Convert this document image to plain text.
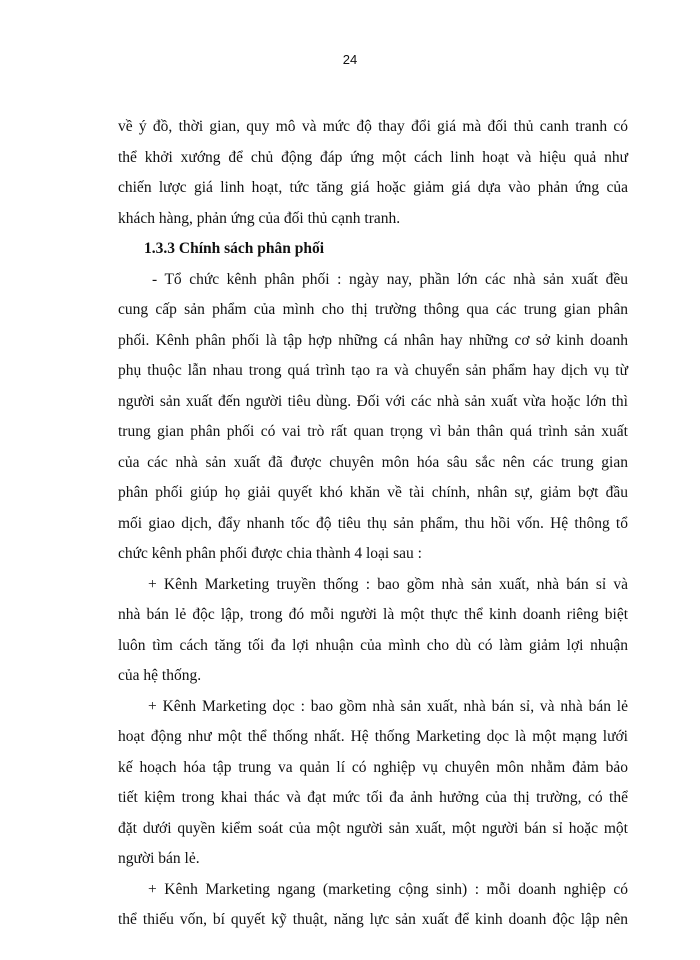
24
về ý đồ, thời gian, quy mô và mức độ thay đổi giá mà đối thủ canh tranh có
thể khởi xướng để chủ động đáp ứng một cách linh hoạt và hiệu quả như
chiến lược giá linh hoạt, tức tăng giá hoặc giảm giá dựa vào phản ứng của
khách hàng, phản ứng của đối thủ cạnh tranh.
1.3.3 Chính sách phân phối
- Tổ chức kênh phân phối : ngày nay, phần lớn các nhà sản xuất đều
cung cấp sản phẩm của mình cho thị trường thông qua các trung gian phân
phối. Kênh phân phối là tập hợp những cá nhân hay những cơ sở kinh doanh
phụ thuộc lẫn nhau trong quá trình tạo ra và chuyển sản phẩm hay dịch vụ từ
người sản xuất đến người tiêu dùng. Đối với các nhà sản xuất vừa hoặc lớn thì
trung gian phân phối có vai trò rất quan trọng vì bản thân quá trình sản xuất
của các nhà sản xuất đã được chuyên môn hóa sâu sắc nên các trung gian
phân phối giúp họ giải quyết khó khăn về tài chính, nhân sự, giảm bợt đầu
mối giao dịch, đẩy nhanh tốc độ tiêu thụ sản phẩm, thu hồi vốn. Hệ thông tổ
chức kênh phân phối được chia thành 4 loại sau :
+ Kênh Marketing truyền thống : bao gồm nhà sản xuất, nhà bán sỉ và
nhà bán lẻ độc lập, trong đó mỗi người là một thực thể kinh doanh riêng biệt
luôn tìm cách tăng tối đa lợi nhuận của mình cho dù có làm giảm lợi nhuận
của hệ thống.
+ Kênh Marketing dọc : bao gồm nhà sản xuất, nhà bán sỉ, và nhà bán lẻ
hoạt động như một thể thống nhất. Hệ thống Marketing dọc là một mạng lưới
kế hoạch hóa tập trung va quản lí có nghiệp vụ chuyên môn nhằm đảm bảo
tiết kiệm trong khai thác và đạt mức tối đa ảnh hưởng của thị trường, có thể
đặt dưới quyền kiểm soát của một người sản xuất, một người bán sỉ hoặc một
người bán lẻ.
+ Kênh Marketing ngang (marketing cộng sinh) : mỗi doanh nghiệp có
thể thiếu vốn, bí quyết kỹ thuật, năng lực sản xuất để kinh doanh độc lập nên
